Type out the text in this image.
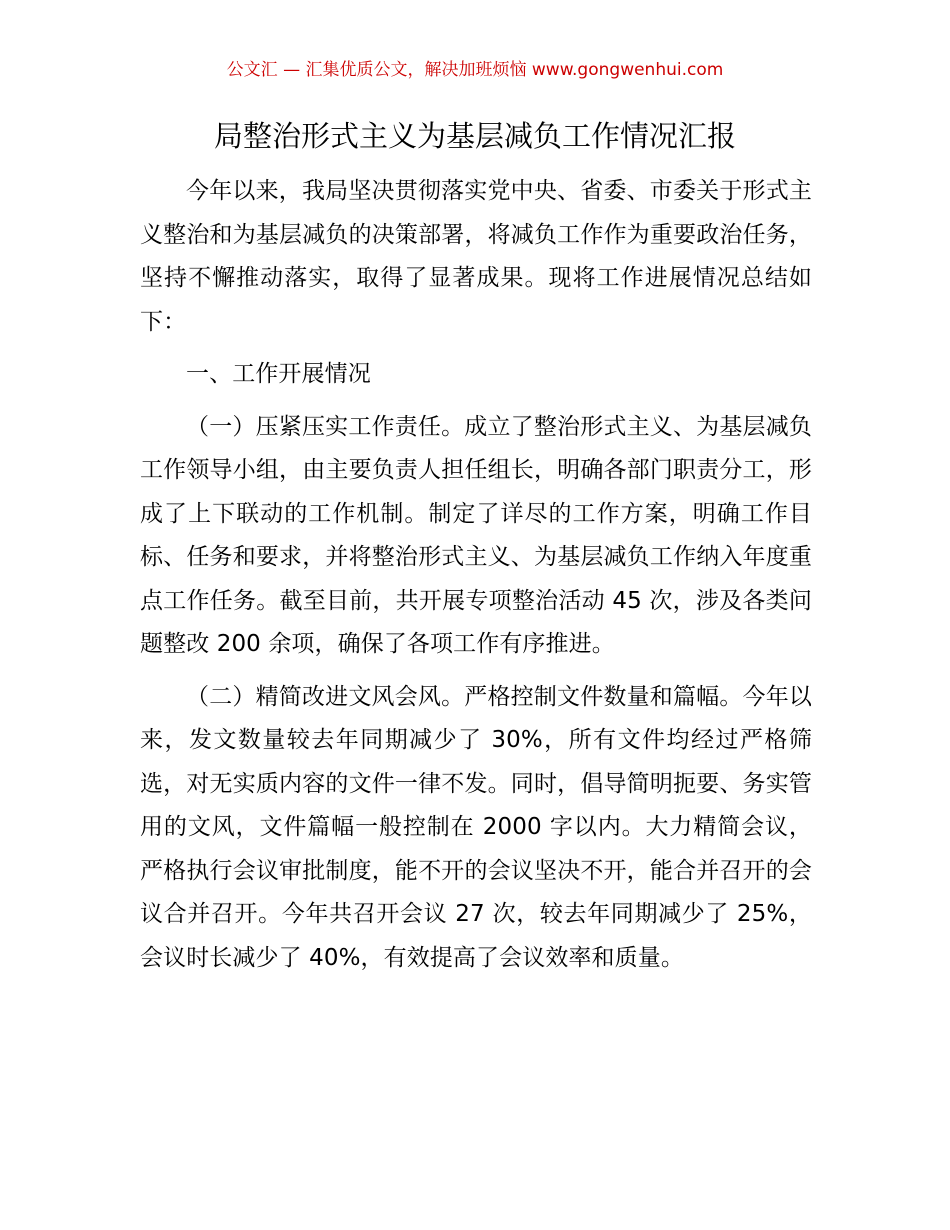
公文汇 — 汇集优质公文，解决加班烦恼 www.gongwenhui.com
局整治形式主义为基层减负工作情况汇报

今年以来，我局坚决贯彻落实党中央、省委、市委关于形式主义整治和为基层减负的决策部署，将减负工作作为重要政治任务，坚持不懈推动落实，取得了显著成果。现将工作进展情况总结如下：

一、工作开展情况

（一）压紧压实工作责任。成立了整治形式主义、为基层减负工作领导小组，由主要负责人担任组长，明确各部门职责分工，形成了上下联动的工作机制。制定了详尽的工作方案，明确工作目标、任务和要求，并将整治形式主义、为基层减负工作纳入年度重点工作任务。截至目前，共开展专项整治活动 45 次，涉及各类问题整改 200 余项，确保了各项工作有序推进。

（二）精简改进文风会风。严格控制文件数量和篇幅。今年以来，发文数量较去年同期减少了 30%，所有文件均经过严格筛选，对无实质内容的文件一律不发。同时，倡导简明扼要、务实管用的文风，文件篇幅一般控制在 2000 字以内。大力精简会议，严格执行会议审批制度，能不开的会议坚决不开，能合并召开的会议合并召开。今年共召开会议 27 次，较去年同期减少了 25%，会议时长减少了 40%，有效提高了会议效率和质量。
